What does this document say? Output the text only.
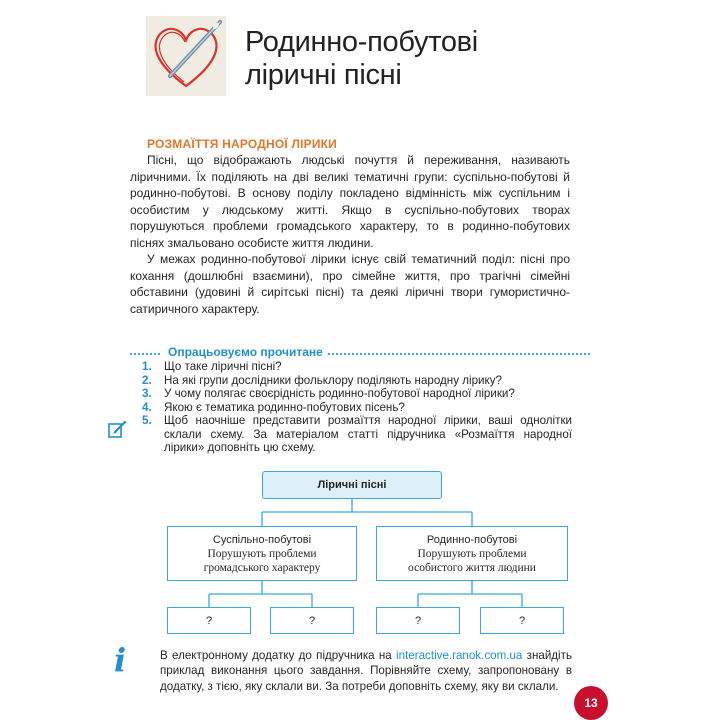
Родинно-побутові
ліричні пісні
РОЗМАЇТТЯ НАРОДНОЇ ЛІРИКИ

Пісні, що відображають людські почуття й переживання, називають ліричними. Їх поділяють на дві великі тематичні групи: суспільно-побутові й родинно-побутові. В основу поділу покладено відмінність між суспільним і особистим у людському житті. Якщо в суспільно-побутових творах порушуються проблеми громадського характеру, то в родинно-побутових піснях змальовано особисте життя людини.

У межах родинно-побутової лірики існує свій тематичний поділ: пісні про кохання (дошлюбні взаємини), про сімейне життя, про трагічні сімейні обставини (удовині й сирітські пісні) та деякі ліричні твори гумористично-сатиричного характеру.

Опрацьовуємо прочитане
1. Що таке ліричні пісні?
2. На які групи дослідники фольклору поділяють народну лірику?
3. У чому полягає своєрідність родинно-побутової народної лірики?
4. Якою є тематика родинно-побутових пісень?
5. Щоб наочніше представити розмаїття народної лірики, ваші однолітки склали схему. За матеріалом статті підручника «Розмаїття народної лірики» доповніть цю схему.
Ліричні пісні
Суспільно-побутові
Порушують проблеми
громадського характеру
Родинно-побутові
Порушують проблеми
особистого життя людини
?	?	?	?
i	В електронному додатку до підручника на interactive.ranok.com.ua знайдіть приклад виконання цього завдання. Порівняйте схему, запропоновану в додатку, з тією, яку склали ви. За потреби доповніть схему, яку ви склали.

13
